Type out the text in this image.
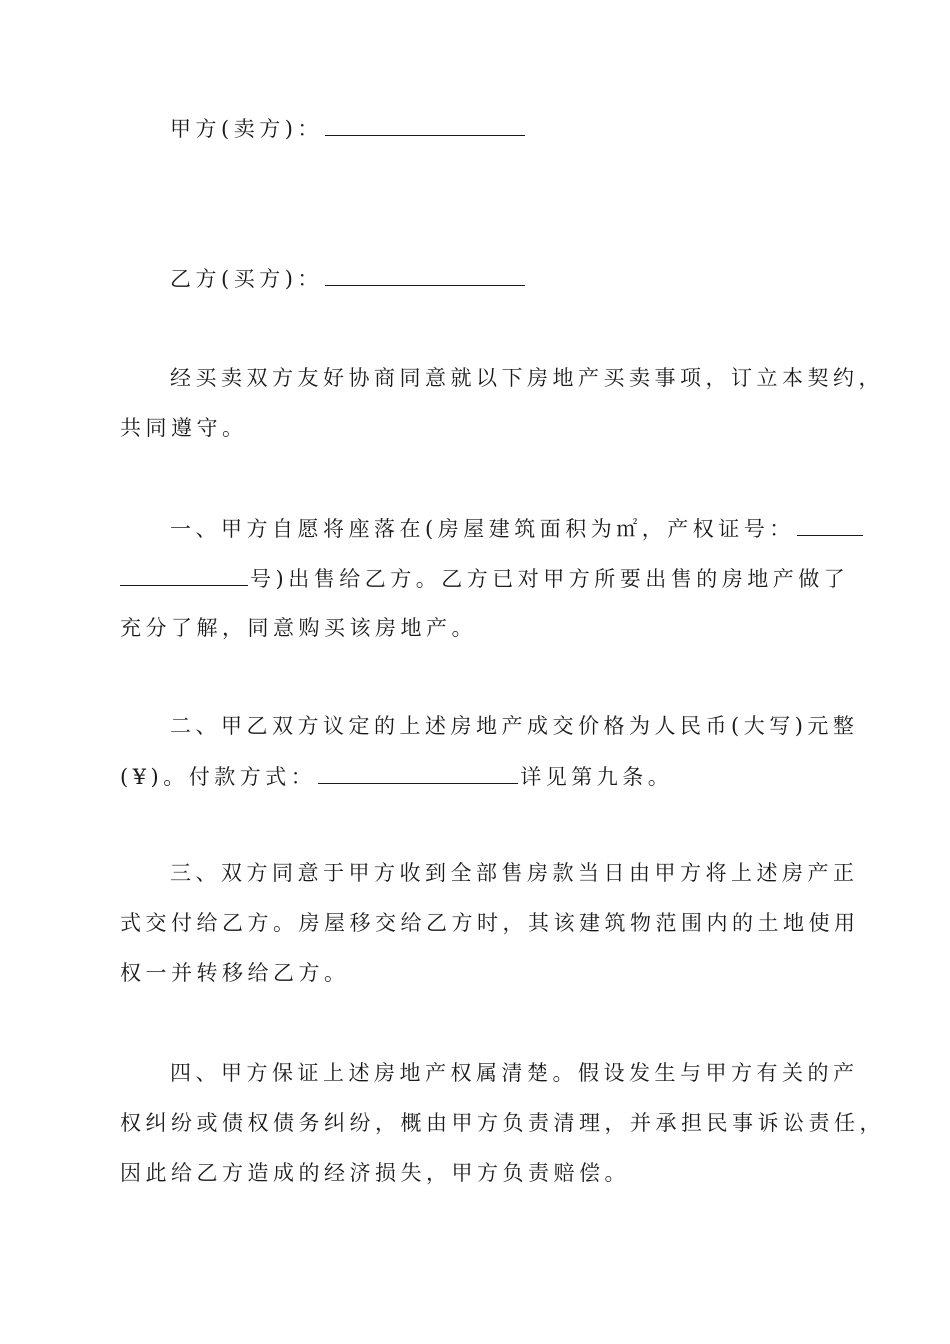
甲方(卖方)：
乙方(买方)：
经买卖双方友好协商同意就以下房地产买卖事项，订立本契约，
共同遵守。
一、甲方自愿将座落在(房屋建筑面积为㎡，产权证号：
号)出售给乙方。乙方已对甲方所要出售的房地产做了
充分了解，同意购买该房地产。
二、甲乙双方议定的上述房地产成交价格为人民币(大写)元整
(¥)。付款方式：	详见第九条。
三、双方同意于甲方收到全部售房款当日由甲方将上述房产正
式交付给乙方。房屋移交给乙方时，其该建筑物范围内的土地使用
权一并转移给乙方。
四、甲方保证上述房地产权属清楚。假设发生与甲方有关的产
权纠纷或债权债务纠纷，概由甲方负责清理，并承担民事诉讼责任，
因此给乙方造成的经济损失，甲方负责赔偿。
